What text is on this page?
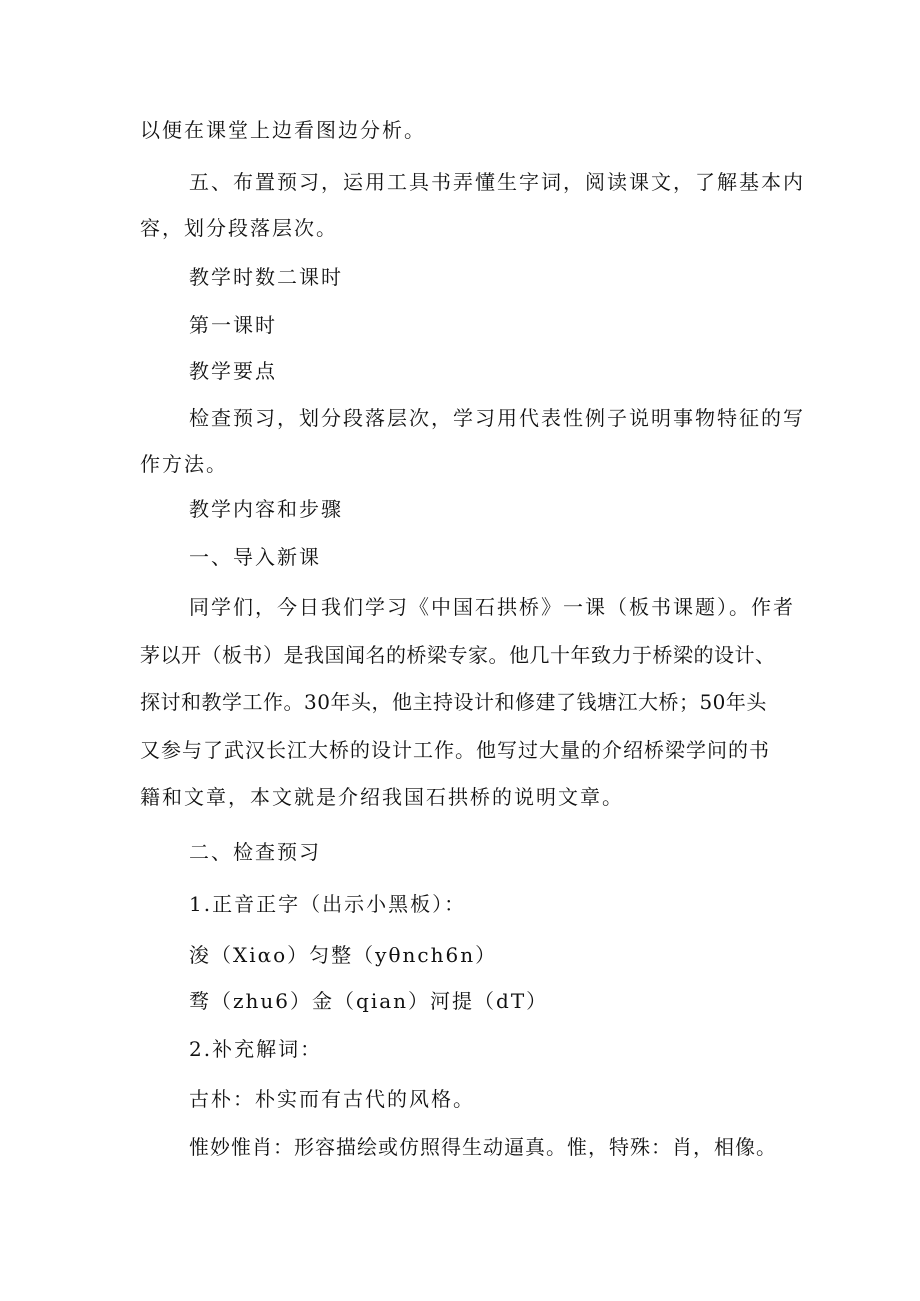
以便在课堂上边看图边分析。
五、布置预习，运用工具书弄懂生字词，阅读课文，了解基本内
容，划分段落层次。
教学时数二课时
第一课时
教学要点
检查预习，划分段落层次，学习用代表性例子说明事物特征的写
作方法。
教学内容和步骤
一、导入新课
同学们，今日我们学习《中国石拱桥》一课（板书课题）。作者
茅以开（板书）是我国闻名的桥梁专家。他几十年致力于桥梁的设计、
探讨和教学工作。30年头，他主持设计和修建了钱塘江大桥；50年头
又参与了武汉长江大桥的设计工作。他写过大量的介绍桥梁学问的书
籍和文章，本文就是介绍我国石拱桥的说明文章。
二、检查预习
1.正音正字（出示小黑板）：
浚（Xiαo）匀整（yθnch6n）
骛（zhu6）金（qian）河提（dT）
2.补充解词：
古朴：朴实而有古代的风格。
惟妙惟肖：形容描绘或仿照得生动逼真。惟，特殊：肖，相像。
